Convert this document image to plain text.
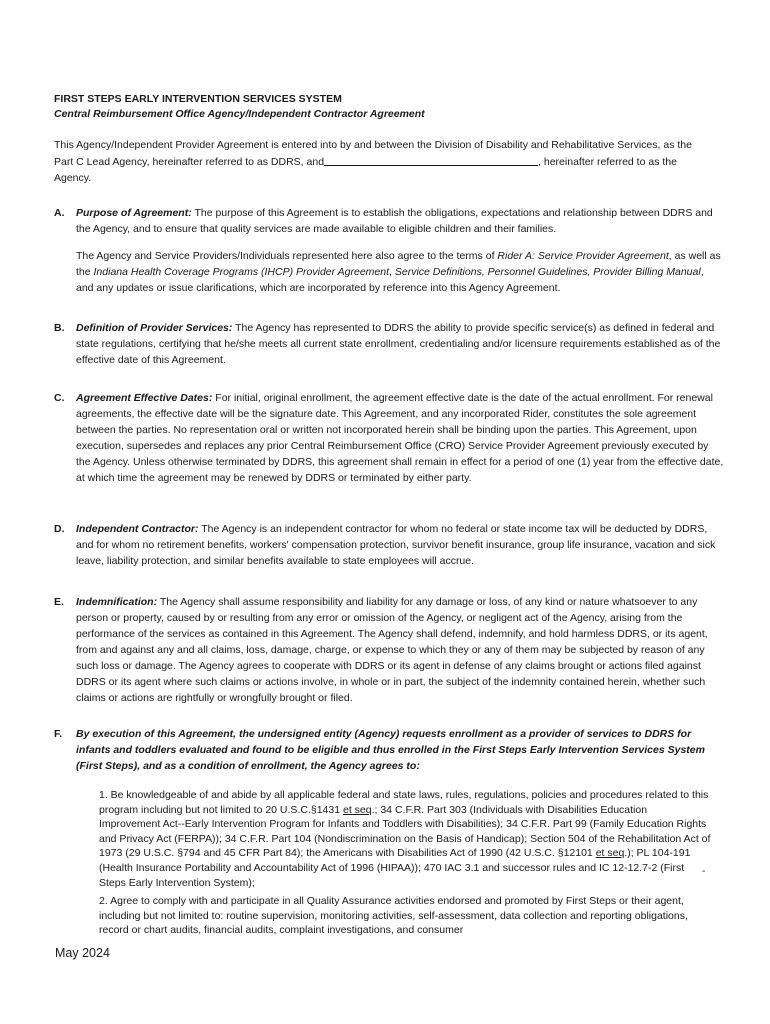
FIRST STEPS EARLY INTERVENTION SERVICES SYSTEM
Central Reimbursement Office Agency/Independent Contractor Agreement
This Agency/Independent Provider Agreement is entered into by and between the Division of Disability and Rehabilitative Services, as the Part C Lead Agency, hereinafter referred to as DDRS, and	, hereinafter referred to as the Agency.
A. Purpose of Agreement: The purpose of this Agreement is to establish the obligations, expectations and relationship between DDRS and the Agency, and to ensure that quality services are made available to eligible children and their families.

The Agency and Service Providers/Individuals represented here also agree to the terms of Rider A: Service Provider Agreement, as well as the Indiana Health Coverage Programs (IHCP) Provider Agreement, Service Definitions, Personnel Guidelines, Provider Billing Manual, and any updates or issue clarifications, which are incorporated by reference into this Agency Agreement.

B. Definition of Provider Services: The Agency has represented to DDRS the ability to provide specific service(s) as defined in federal and state regulations, certifying that he/she meets all current state enrollment, credentialing and/or licensure requirements established as of the effective date of this Agreement.

C. Agreement Effective Dates: For initial, original enrollment, the agreement effective date is the date of the actual enrollment. For renewal agreements, the effective date will be the signature date. This Agreement, and any incorporated Rider, constitutes the sole agreement between the parties. No representation oral or written not incorporated herein shall be binding upon the parties. This Agreement, upon execution, supersedes and replaces any prior Central Reimbursement Office (CRO) Service Provider Agreement previously executed by the Agency. Unless otherwise terminated by DDRS, this agreement shall remain in effect for a period of one (1) year from the effective date, at which time the agreement may be renewed by DDRS or terminated by either party.

D. Independent Contractor: The Agency is an independent contractor for whom no federal or state income tax will be deducted by DDRS, and for whom no retirement benefits, workers' compensation protection, survivor benefit insurance, group life insurance, vacation and sick leave, liability protection, and similar benefits available to state employees will accrue.

E. Indemnification: The Agency shall assume responsibility and liability for any damage or loss, of any kind or nature whatsoever to any person or property, caused by or resulting from any error or omission of the Agency, or negligent act of the Agency, arising from the performance of the services as contained in this Agreement. The Agency shall defend, indemnify, and hold harmless DDRS, or its agent, from and against any and all claims, loss, damage, charge, or expense to which they or any of them may be subjected by reason of any such loss or damage. The Agency agrees to cooperate with DDRS or its agent in defense of any claims brought or actions filed against DDRS or its agent where such claims or actions involve, in whole or in part, the subject of the indemnity contained herein, whether such claims or actions are rightfully or wrongfully brought or filed.

F. By execution of this Agreement, the undersigned entity (Agency) requests enrollment as a provider of services to DDRS for infants and toddlers evaluated and found to be eligible and thus enrolled in the First Steps Early Intervention Services System (First Steps), and as a condition of enrollment, the Agency agrees to:

1. Be knowledgeable of and abide by all applicable federal and state laws, rules, regulations, policies and procedures related to this program including but not limited to 20 U.S.C.§1431 et seq.; 34 C.F.R. Part 303 (Individuals with Disabilities Education Improvement Act--Early Intervention Program for Infants and Toddlers with Disabilities); 34 C.F.R. Part 99 (Family Education Rights and Privacy Act (FERPA)); 34 C.F.R. Part 104 (Nondiscrimination on the Basis of Handicap); Section 504 of the Rehabilitation Act of 1973 (29 U.S.C. §794 and 45 CFR Part 84); the Americans with Disabilities Act of 1990 (42 U.S.C. §12101 et seq.); PL 104-191 (Health Insurance Portability and Accountability Act of 1996 (HIPAA)); 470 IAC 3.1 and successor rules and IC 12-12.7-2 (First Steps Early Intervention System);
2. Agree to comply with and participate in all Quality Assurance activities endorsed and promoted by First Steps or their agent, including but not limited to: routine supervision, monitoring activities, self-assessment, data collection and reporting obligations, record or chart audits, financial audits, complaint investigations, and consumer
-
May 2024
